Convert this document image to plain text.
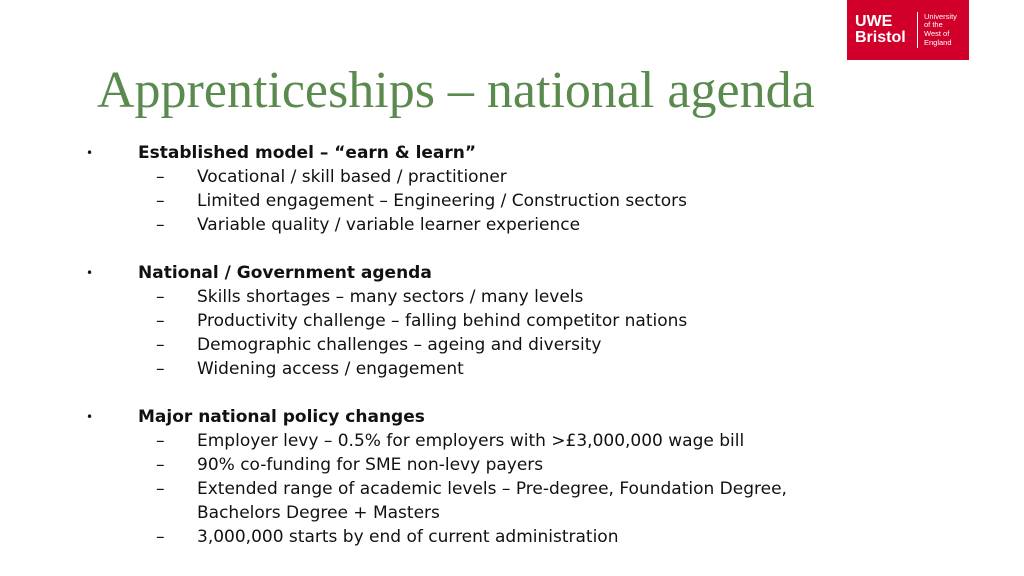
UWE
Bristol
University
of the
West of
England
Apprenticeships – national agenda
•	Established model – “earn & learn”
– Vocational / skill based / practitioner
– Limited engagement – Engineering / Construction sectors
– Variable quality / variable learner experience
•	National / Government agenda
– Skills shortages – many sectors / many levels
– Productivity challenge – falling behind competitor nations
– Demographic challenges – ageing and diversity
– Widening access / engagement
•	Major national policy changes
– Employer levy – 0.5% for employers with >£3,000,000 wage bill
– 90% co-funding for SME non-levy payers
– Extended range of academic levels – Pre-degree, Foundation Degree,
Bachelors Degree + Masters
– 3,000,000 starts by end of current administration
